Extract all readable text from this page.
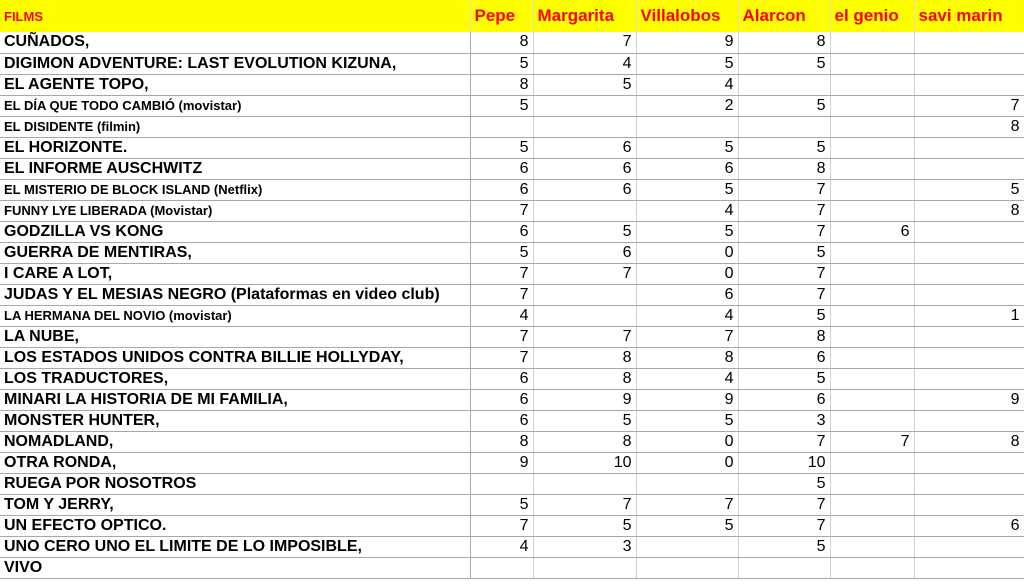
FILMS	Pepe	Margarita	Villalobos	Alarcon	el genio	savi marin
CUÑADOS,	8	7	9	8		
DIGIMON ADVENTURE: LAST EVOLUTION KIZUNA,	5	4	5	5		
EL AGENTE TOPO,	8	5	4			
EL DÍA QUE TODO CAMBIÓ (movistar)	5		2	5		7
EL DISIDENTE (filmin)						8
EL HORIZONTE.	5	6	5	5		
EL INFORME AUSCHWITZ	6	6	6	8		
EL MISTERIO DE BLOCK ISLAND (Netflix)	6	6	5	7		5
FUNNY LYE LIBERADA (Movistar)	7		4	7		8
GODZILLA VS KONG	6	5	5	7	6	
GUERRA DE MENTIRAS,	5	6	0	5		
I CARE A LOT,	7	7	0	7		
JUDAS Y EL MESIAS NEGRO (Plataformas en video club)	7		6	7		
LA HERMANA DEL NOVIO (movistar)	4		4	5		1
LA NUBE,	7	7	7	8		
LOS ESTADOS UNIDOS CONTRA BILLIE HOLLYDAY,	7	8	8	6		
LOS TRADUCTORES,	6	8	4	5		
MINARI LA HISTORIA DE MI FAMILIA,	6	9	9	6		9
MONSTER HUNTER,	6	5	5	3		
NOMADLAND,	8	8	0	7	7	8
OTRA RONDA,	9	10	0	10		
RUEGA POR NOSOTROS				5		
TOM Y JERRY,	5	7	7	7		
UN EFECTO OPTICO.	7	5	5	7		6
UNO CERO UNO EL LIMITE DE LO IMPOSIBLE,	4	3		5		
VIVO						
